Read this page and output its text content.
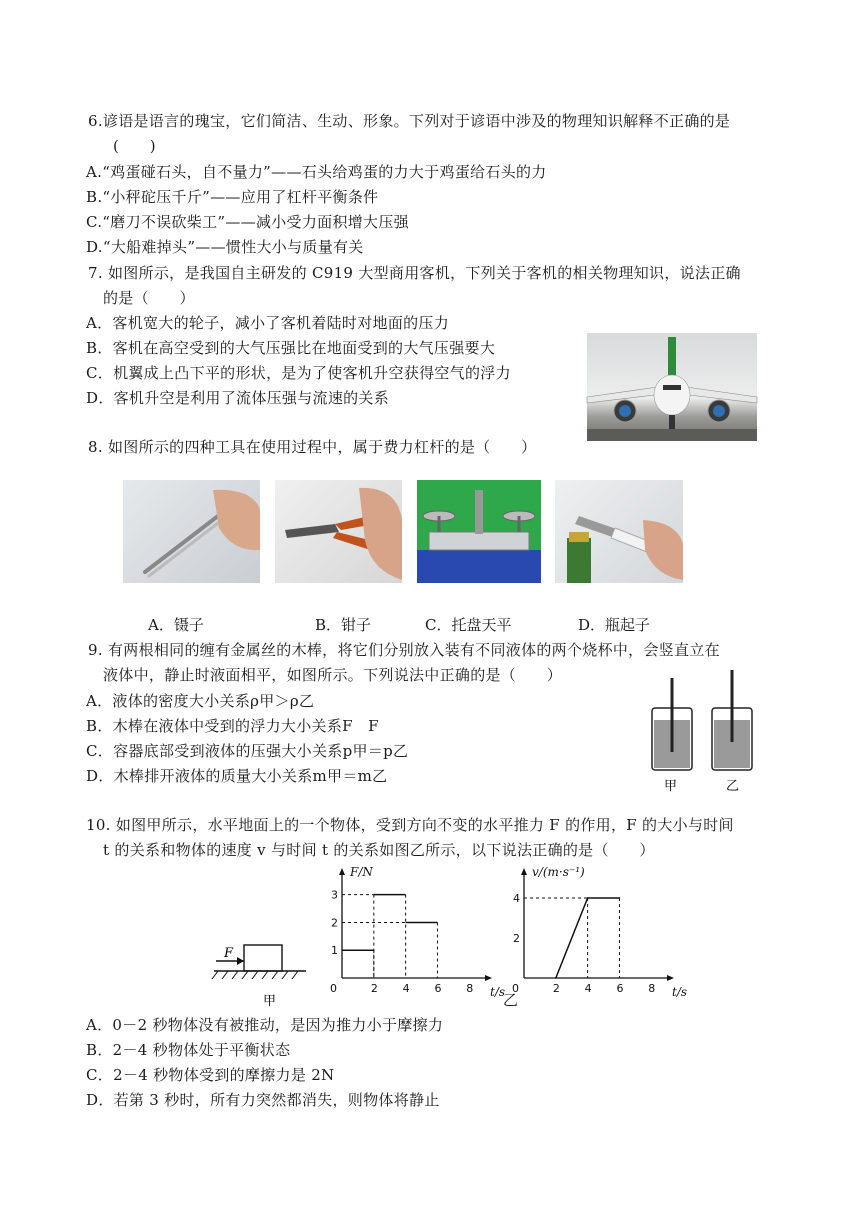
6.谚语是语言的瑰宝，它们简洁、生动、形象。下列对于谚语中涉及的物理知识解释不正确的是
(　　)
A.“鸡蛋碰石头，自不量力”——石头给鸡蛋的力大于鸡蛋给石头的力
B.“小秤砣压千斤”——应用了杠杆平衡条件
C.“磨刀不误砍柴工”——减小受力面积增大压强
D.“大船难掉头”——惯性大小与质量有关
7. 如图所示，是我国自主研发的 C919 大型商用客机，下列关于客机的相关物理知识，说法正确
的是（　　）
A．客机宽大的轮子，减小了客机着陆时对地面的压力
B．客机在高空受到的大气压强比在地面受到的大气压强要大
C．机翼成上凸下平的形状，是为了使客机升空获得空气的浮力
D．客机升空是利用了流体压强与流速的关系
8. 如图所示的四种工具在使用过程中，属于费力杠杆的是（　　）
A．镊子	B．钳子	C．托盘天平	D．瓶起子
9. 有两根相同的缠有金属丝的木棒，将它们分别放入装有不同液体的两个烧杯中，会竖直立在
液体中，静止时液面相平，如图所示。下列说法中正确的是（　　）
A．液体的密度大小关系ρ甲＞ρ乙
B．木棒在液体中受到的浮力大小关系F　F
C．容器底部受到液体的压强大小关系p甲＝p乙
D．木棒排开液体的质量大小关系m甲＝m乙
甲	乙
10. 如图甲所示，水平地面上的一个物体，受到方向不变的水平推力 F 的作用，F 的大小与时间
t 的关系和物体的速度 v 与时间 t 的关系如图乙所示，以下说法正确的是（　　）
F
甲
F/N
t/s
0	2 4 6 8
1
2
3
v/(m·s⁻¹)
t/s
0	2 4 6 8
2
4
乙
A．0－2 秒物体没有被推动，是因为推力小于摩擦力
B．2－4 秒物体处于平衡状态
C．2－4 秒物体受到的摩擦力是 2N
D．若第 3 秒时，所有力突然都消失，则物体将静止
